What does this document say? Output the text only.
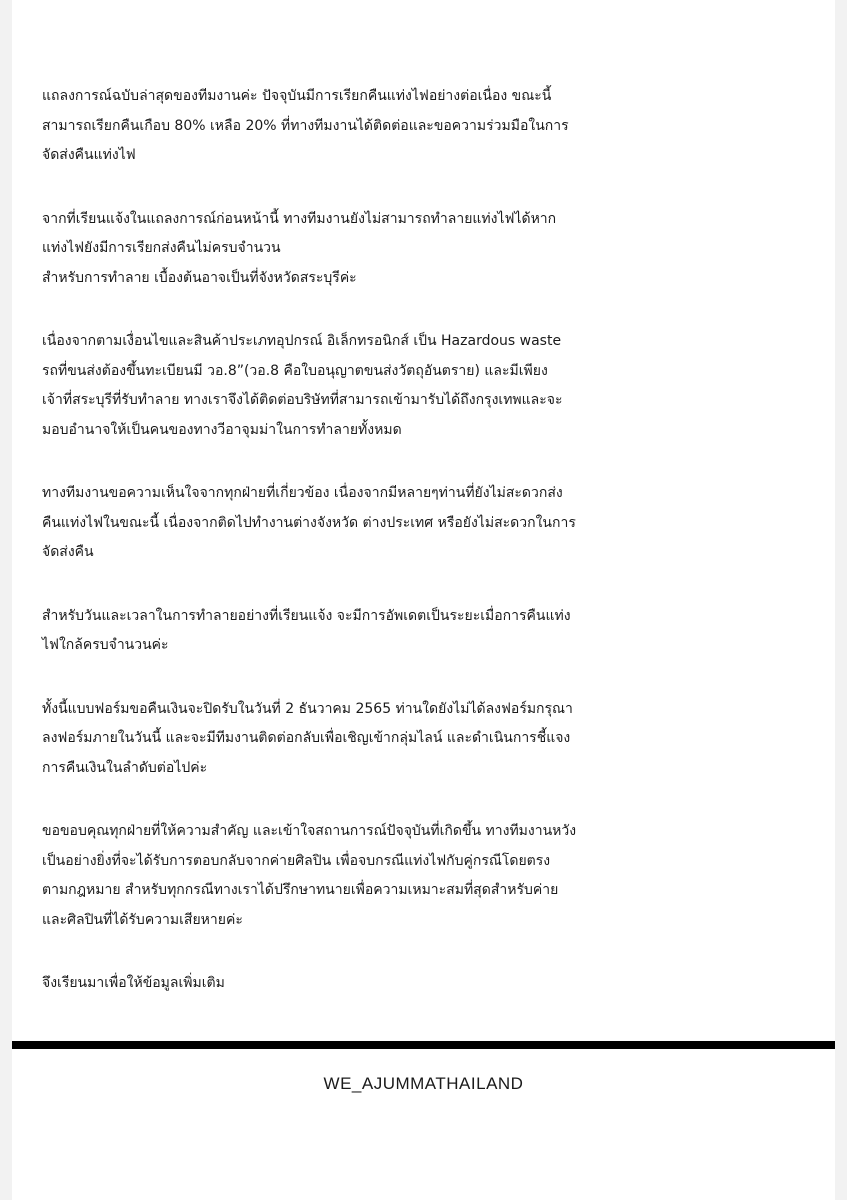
แถลงการณ์ฉบับล่าสุดของทีมงานค่ะ ปัจจุบันมีการเรียกคืนแท่งไฟอย่างต่อเนื่อง ขณะนี้
สามารถเรียกคืนเกือบ 80% เหลือ 20% ที่ทางทีมงานได้ติดต่อและขอความร่วมมือในการ
จัดส่งคืนแท่งไฟ

จากที่เรียนแจ้งในแถลงการณ์ก่อนหน้านี้ ทางทีมงานยังไม่สามารถทำลายแท่งไฟได้หาก
แท่งไฟยังมีการเรียกส่งคืนไม่ครบจำนวน
สำหรับการทำลาย เบื้องต้นอาจเป็นที่จังหวัดสระบุรีค่ะ

เนื่องจากตามเงื่อนไขและสินค้าประเภทอุปกรณ์ อิเล็กทรอนิกส์ เป็น Hazardous waste
รถที่ขนส่งต้องขึ้นทะเบียนมี วอ.8”(วอ.8 คือใบอนุญาตขนส่งวัตถุอันตราย) และมีเพียง
เจ้าที่สระบุรีที่รับทำลาย ทางเราจึงได้ติดต่อบริษัทที่สามารถเข้ามารับได้ถึงกรุงเทพและจะ
มอบอำนาจให้เป็นคนของทางวีอาจุมม่าในการทำลายทั้งหมด

ทางทีมงานขอความเห็นใจจากทุกฝ่ายที่เกี่ยวข้อง เนื่องจากมีหลายๆท่านที่ยังไม่สะดวกส่ง
คืนแท่งไฟในขณะนี้ เนื่องจากติดไปทำงานต่างจังหวัด ต่างประเทศ หรือยังไม่สะดวกในการ
จัดส่งคืน

สำหรับวันและเวลาในการทำลายอย่างที่เรียนแจ้ง จะมีการอัพเดตเป็นระยะเมื่อการคืนแท่ง
ไฟใกล้ครบจำนวนค่ะ

ทั้งนี้แบบฟอร์มขอคืนเงินจะปิดรับในวันที่ 2 ธันวาคม 2565 ท่านใดยังไม่ได้ลงฟอร์มกรุณา
ลงฟอร์มภายในวันนี้ และจะมีทีมงานติดต่อกลับเพื่อเชิญเข้ากลุ่มไลน์ และดำเนินการชี้แจง
การคืนเงินในลำดับต่อไปค่ะ

ขอขอบคุณทุกฝ่ายที่ให้ความสำคัญ และเข้าใจสถานการณ์ปัจจุบันที่เกิดขึ้น ทางทีมงานหวัง
เป็นอย่างยิ่งที่จะได้รับการตอบกลับจากค่ายศิลปิน เพื่อจบกรณีแท่งไฟกับคู่กรณีโดยตรง
ตามกฎหมาย สำหรับทุกกรณีทางเราได้ปรึกษาทนายเพื่อความเหมาะสมที่สุดสำหรับค่าย
และศิลปินที่ได้รับความเสียหายค่ะ

จึงเรียนมาเพื่อให้ข้อมูลเพิ่มเติม

WE_AJUMMATHAILAND
